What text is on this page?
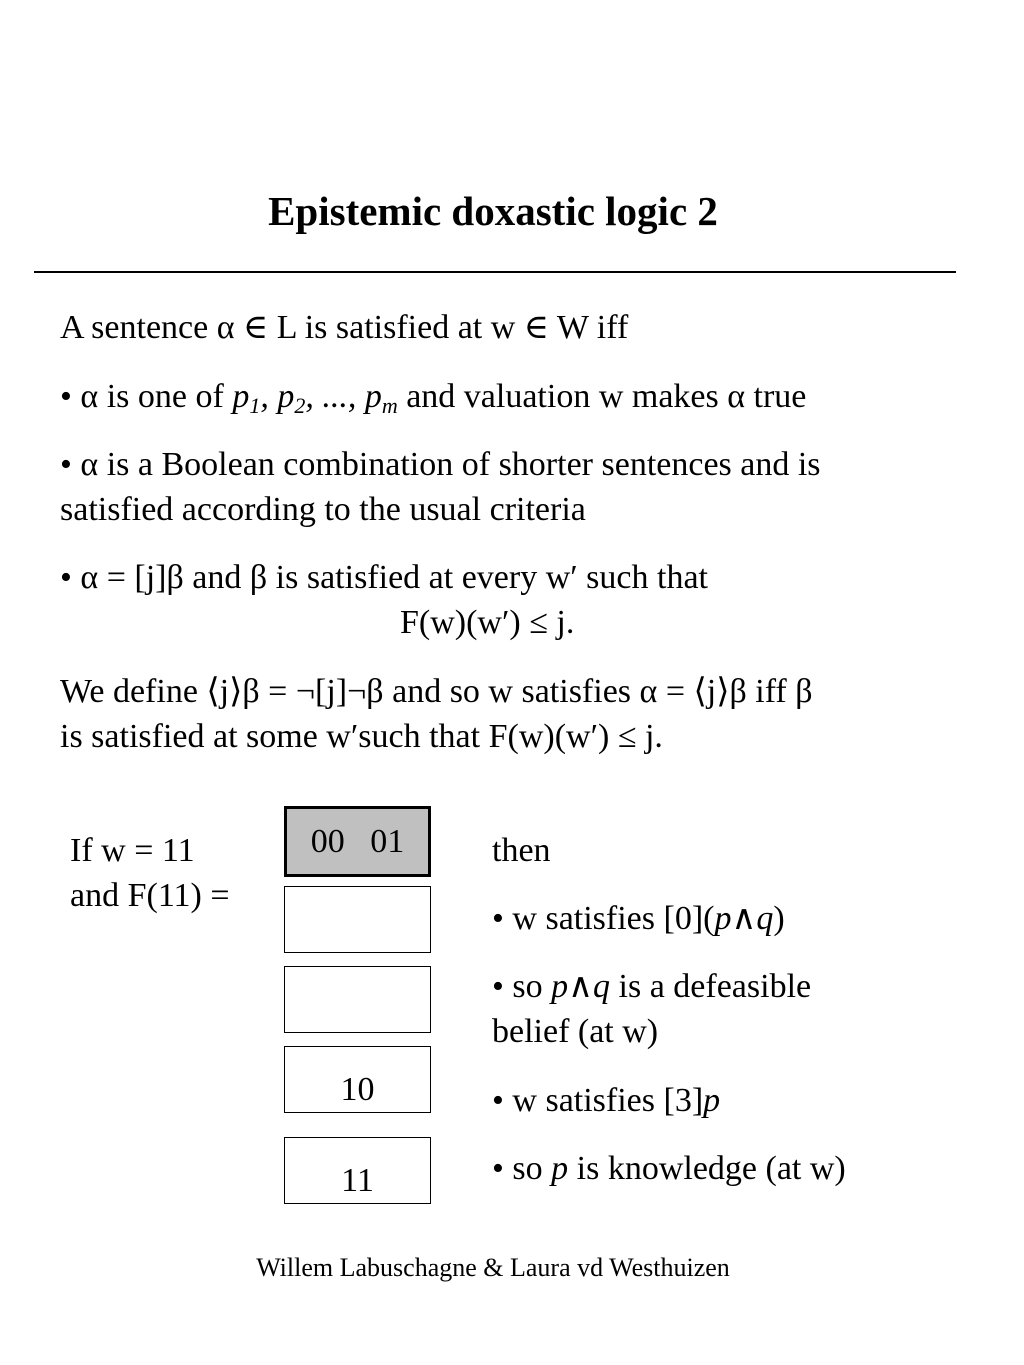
Epistemic doxastic logic 2
A sentence α ∈ L is satisfied at w ∈ W iff
• α is one of $p_1$, $p_2$, ..., $p_m$ and valuation w makes α true
• α is a Boolean combination of shorter sentences and is
satisfied according to the usual criteria
• α = [j]β and β is satisfied at every w′ such that
F(w)(w′) ≤ j.
We define ⟨j⟩β = ¬[j]¬β and so w satisfies α = ⟨j⟩β iff β
is satisfied at some w′such that F(w)(w′) ≤ j.
If w = 11
and F(11) =
00   01
10
11
then
• w satisfies [0](p∧q)
• so p∧q is a defeasible
belief (at w)
• w satisfies [3]p
• so p is knowledge (at w)
Willem Labuschagne & Laura vd Westhuizen
